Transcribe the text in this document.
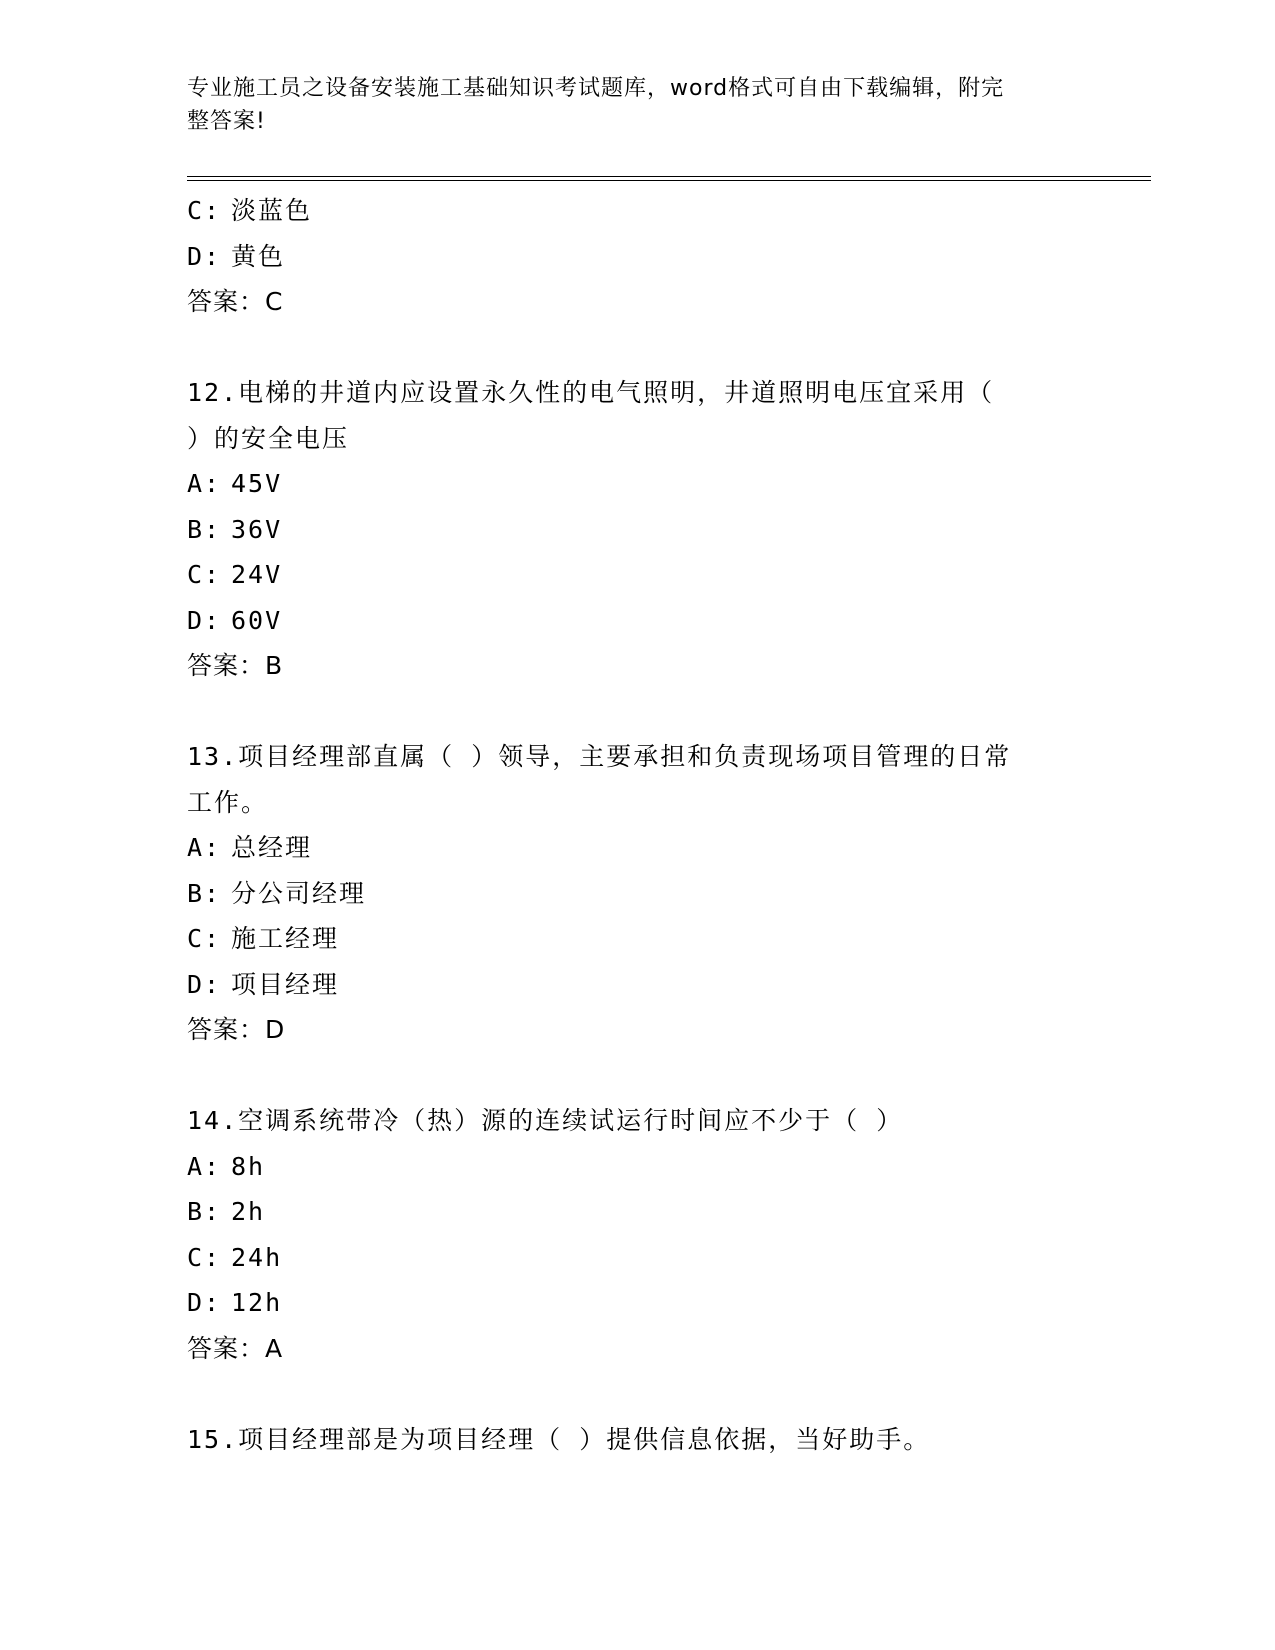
专业施工员之设备安装施工基础知识考试题库，word格式可自由下载编辑，附完
整答案!
C: 淡蓝色
D: 黄色
答案：C
12.电梯的井道内应设置永久性的电气照明，井道照明电压宜采用（
）的安全电压
A: 45V
B: 36V
C: 24V
D: 60V
答案：B
13.项目经理部直属（ ）领导，主要承担和负责现场项目管理的日常
工作。
A: 总经理
B: 分公司经理
C: 施工经理
D: 项目经理
答案：D
14.空调系统带冷（热）源的连续试运行时间应不少于（ ）
A: 8h
B: 2h
C: 24h
D: 12h
答案：A
15.项目经理部是为项目经理（ ）提供信息依据，当好助手。
